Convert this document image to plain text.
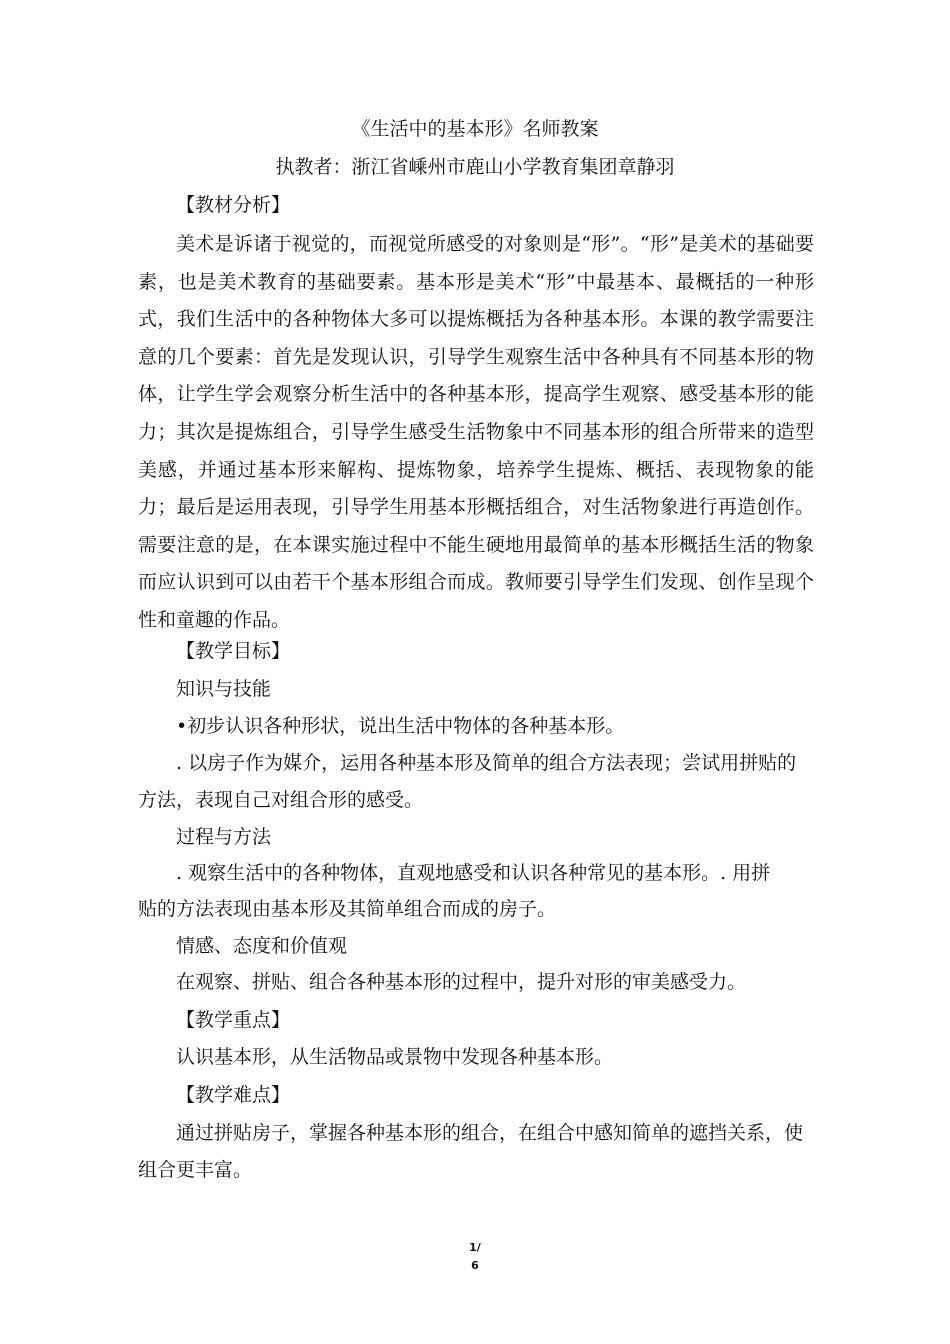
《生活中的基本形》名师教案
执教者：浙江省嵊州市鹿山小学教育集团章静羽
【教材分析】
美术是诉诸于视觉的，而视觉所感受的对象则是“形”。“形”是美术的基础要素，也是美术教育的基础要素。基本形是美术“形”中最基本、最概括的一种形式，我们生活中的各种物体大多可以提炼概括为各种基本形。本课的教学需要注意的几个要素：首先是发现认识，引导学生观察生活中各种具有不同基本形的物体，让学生学会观察分析生活中的各种基本形，提高学生观察、感受基本形的能力；其次是提炼组合，引导学生感受生活物象中不同基本形的组合所带来的造型美感，并通过基本形来解构、提炼物象，培养学生提炼、概括、表现物象的能力；最后是运用表现，引导学生用基本形概括组合，对生活物象进行再造创作。需要注意的是，在本课实施过程中不能生硬地用最简单的基本形概括生活的物象而应认识到可以由若干个基本形组合而成。教师要引导学生们发现、创作呈现个性和童趣的作品。
【教学目标】
知识与技能
•初步认识各种形状，说出生活中物体的各种基本形。
. 以房子作为媒介，运用各种基本形及简单的组合方法表现；尝试用拼贴的
方法，表现自己对组合形的感受。
过程与方法
. 观察生活中的各种物体，直观地感受和认识各种常见的基本形。. 用拼
贴的方法表现由基本形及其简单组合而成的房子。
情感、态度和价值观
在观察、拼贴、组合各种基本形的过程中，提升对形的审美感受力。
【教学重点】
认识基本形，从生活物品或景物中发现各种基本形。
【教学难点】
通过拼贴房子，掌握各种基本形的组合，在组合中感知简单的遮挡关系，使
组合更丰富。
1/
6
